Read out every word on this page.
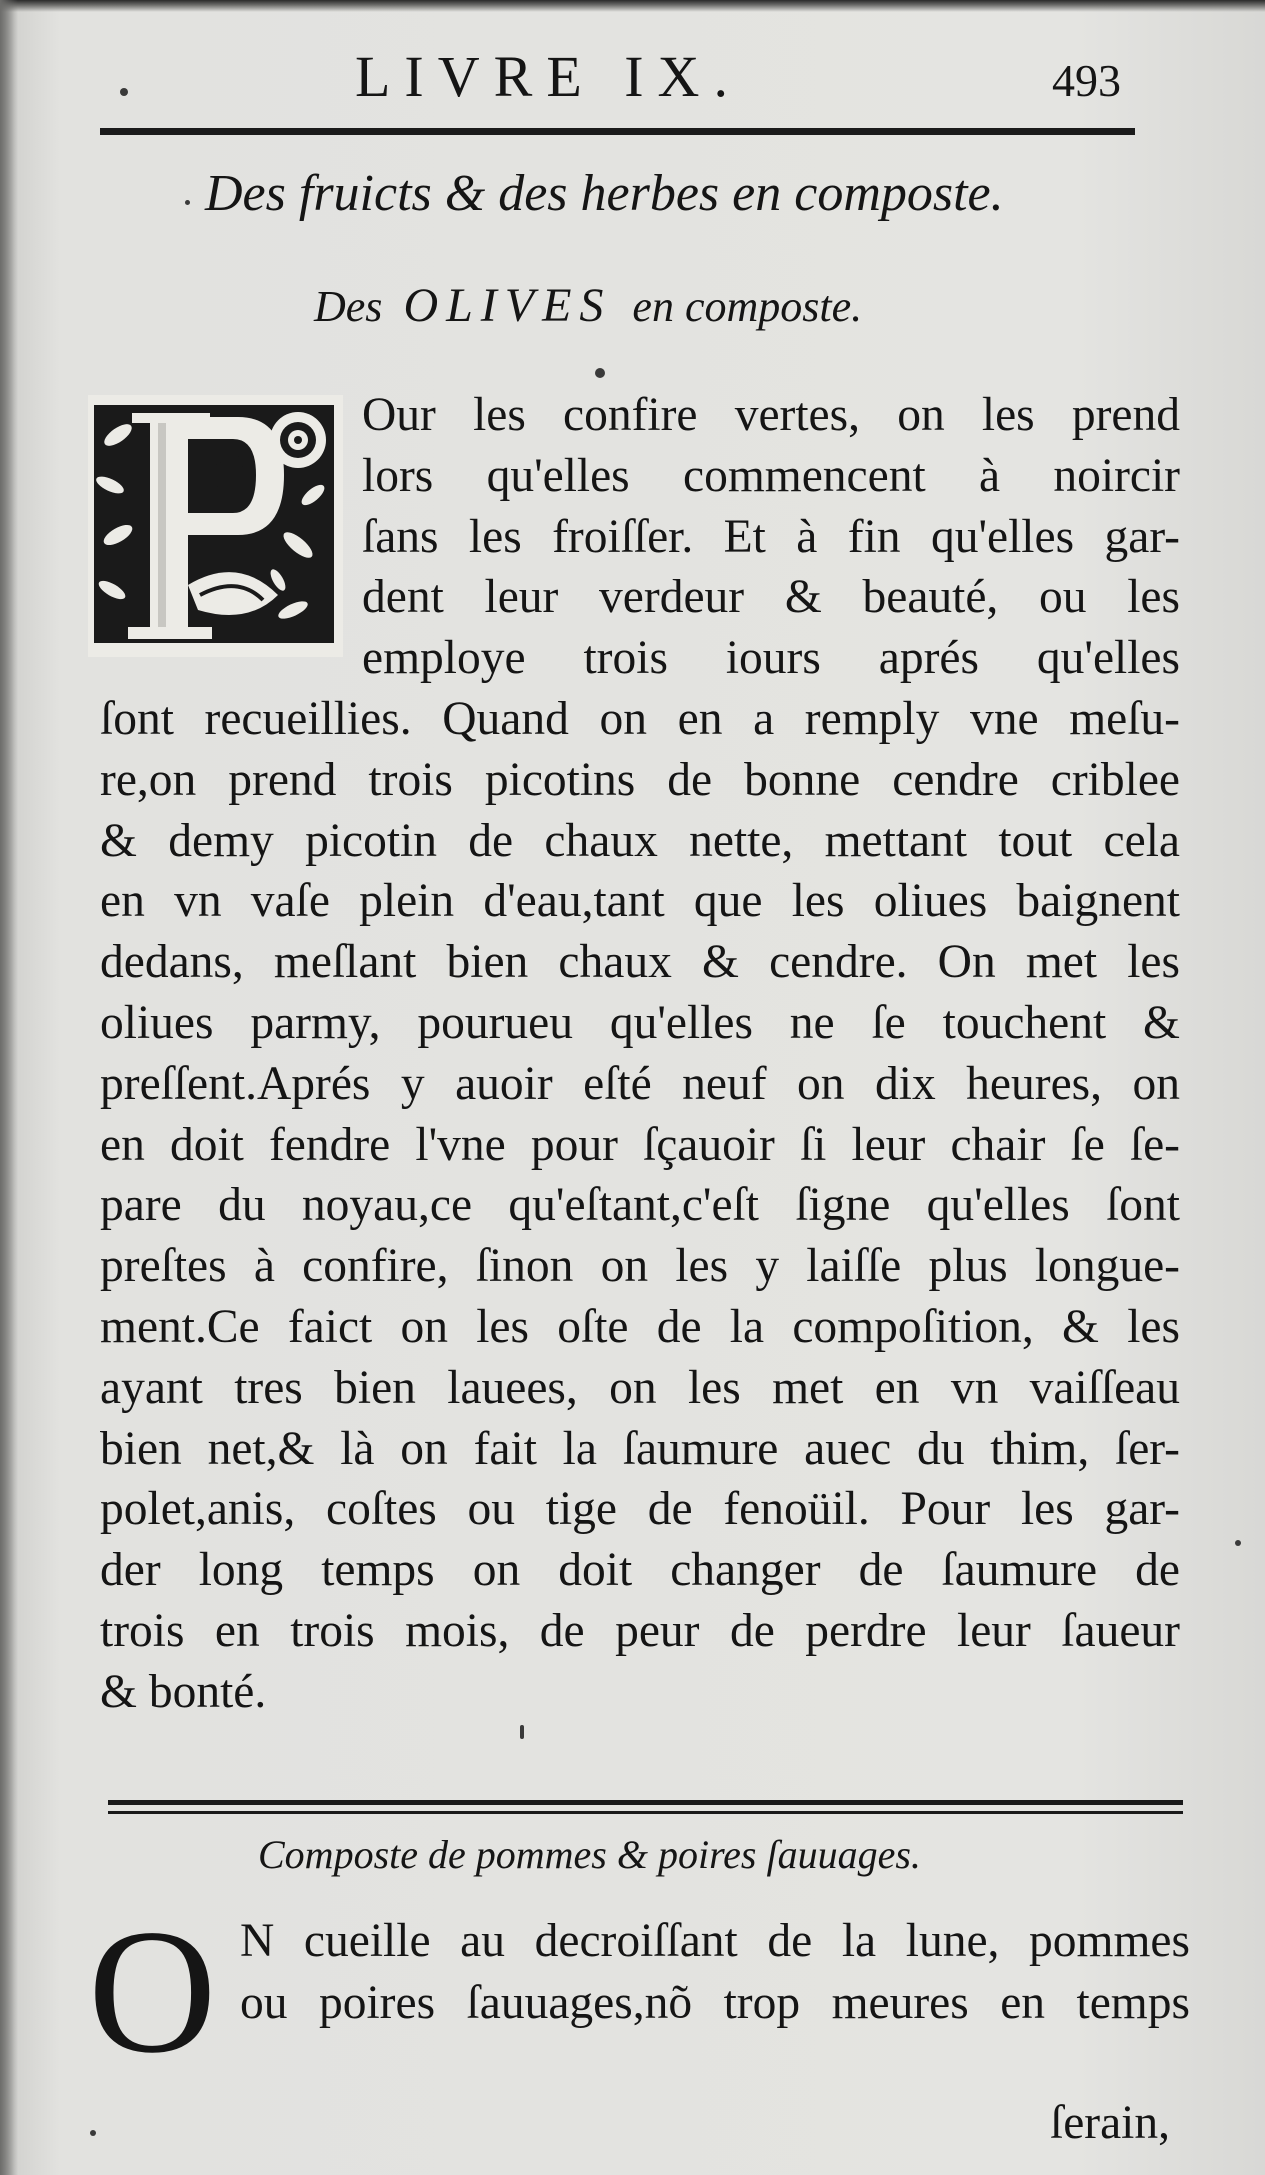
LIVRE IX.	493
Des fruicts & des herbes en composte.
Des OLIVES en composte.
Our les confire vertes, on les prend
lors qu'elles commencent à noircir
ſans les froiſſer. Et à fin qu'elles gar-
dent leur verdeur & beauté, ou les
employe trois iours aprés qu'elles
ſont recueillies. Quand on en a remply vne meſu-
re,on prend trois picotins de bonne cendre criblee
& demy picotin de chaux nette, mettant tout cela
en vn vaſe plein d'eau,tant que les oliues baignent
dedans, meſlant bien chaux & cendre. On met les
oliues parmy, pourueu qu'elles ne ſe touchent &
preſſent.Aprés y auoir eſté neuf on dix heures, on
en doit fendre l'vne pour ſçauoir ſi leur chair ſe ſe-
pare du noyau,ce qu'eſtant,c'eſt ſigne qu'elles ſont
preſtes à confire, ſinon on les y laiſſe plus longue-
ment.Ce faict on les oſte de la compoſition, & les
ayant tres bien lauees, on les met en vn vaiſſeau
bien net,& là on fait la ſaumure auec du thim, ſer-
polet,anis, coſtes ou tige de fenoüil. Pour les gar-
der long temps on doit changer de ſaumure de
trois en trois mois, de peur de perdre leur ſaueur
& bonté.
Composte de pommes & poires ſauuages.
O N cueille au decroiſſant de la lune, pommes
ou poires ſauuages,nõ trop meures en temps
ſerain,
